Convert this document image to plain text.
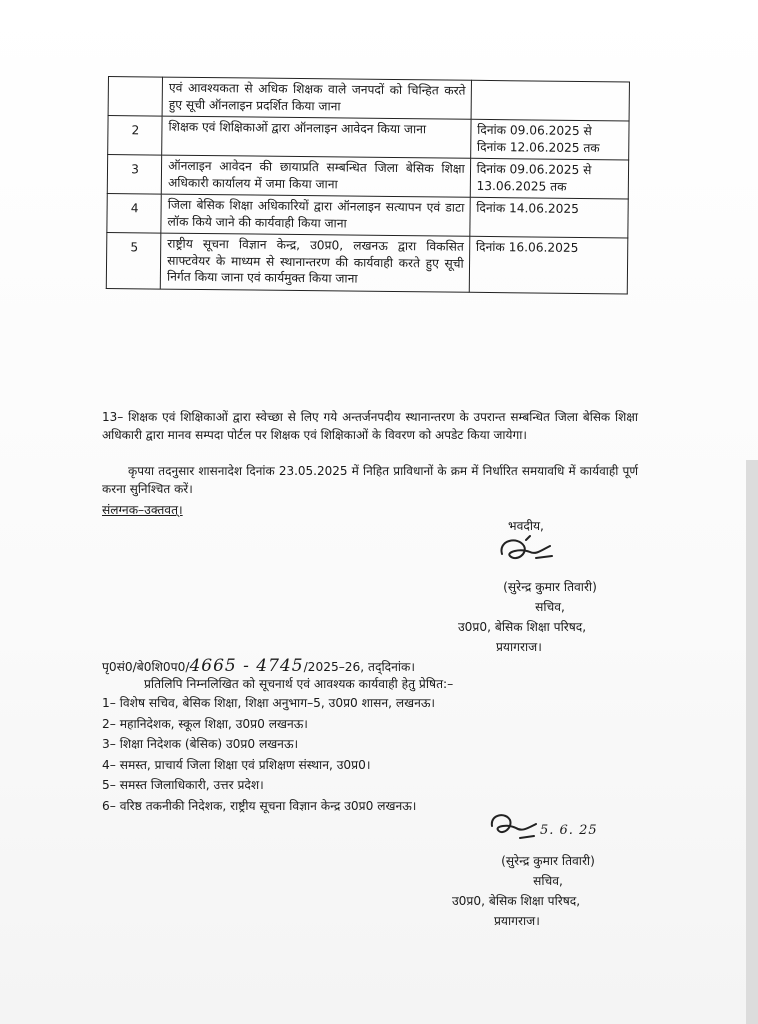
	एवं आवश्यकता से अधिक शिक्षक वाले जनपदों को चिन्हित करते हुए सूची ऑनलाइन प्रदर्शित किया जाना	
2	शिक्षक एवं शिक्षिकाओं द्वारा ऑनलाइन आवेदन किया जाना	दिनांक 09.06.2025 से दिनांक 12.06.2025 तक
3	ऑनलाइन आवेदन की छायाप्रति सम्बन्धित जिला बेसिक शिक्षा अधिकारी कार्यालय में जमा किया जाना	दिनांक 09.06.2025 से 13.06.2025 तक
4	जिला बेसिक शिक्षा अधिकारियों द्वारा ऑनलाइन सत्यापन एवं डाटा लॉक किये जाने की कार्यवाही किया जाना	दिनांक 14.06.2025
5	राष्ट्रीय सूचना विज्ञान केन्द्र, उ0प्र0, लखनऊ द्वारा विकसित साफ्टवेयर के माध्यम से स्थानान्तरण की कार्यवाही करते हुए सूची निर्गत किया जाना एवं कार्यमुक्त किया जाना	दिनांक 16.06.2025
13– शिक्षक एवं शिक्षिकाओं द्वारा स्वेच्छा से लिए गये अन्तर्जनपदीय स्थानान्तरण के उपरान्त सम्बन्धित जिला बेसिक शिक्षा अधिकारी द्वारा मानव सम्पदा पोर्टल पर शिक्षक एवं शिक्षिकाओं के विवरण को अपडेट किया जायेगा।
कृपया तदनुसार शासनादेश दिनांक 23.05.2025 में निहित प्राविधानों के क्रम में निर्धारित समयावधि में कार्यवाही पूर्ण करना सुनिश्चित करें।
संलग्नक–उक्तवत्।
भवदीय,
(सुरेन्द्र कुमार तिवारी)
सचिव,
उ0प्र0, बेसिक शिक्षा परिषद,
प्रयागराज।
पृ0सं0/बे0शि0प0/4665 - 4745/2025–26, तद्‌दिनांक।
प्रतिलिपि निम्नलिखित को सूचनार्थ एवं आवश्यक कार्यवाही हेतु प्रेषित:–
1– विशेष सचिव, बेसिक शिक्षा, शिक्षा अनुभाग–5, उ0प्र0 शासन, लखनऊ।
2– महानिदेशक, स्कूल शिक्षा, उ0प्र0 लखनऊ।
3– शिक्षा निदेशक (बेसिक) उ0प्र0 लखनऊ।
4– समस्त, प्राचार्य जिला शिक्षा एवं प्रशिक्षण संस्थान, उ0प्र0।
5– समस्त जिलाधिकारी, उत्तर प्रदेश।
6– वरिष्ठ तकनीकी निदेशक, राष्ट्रीय सूचना विज्ञान केन्द्र उ0प्र0 लखनऊ।
5. 6. 25
(सुरेन्द्र कुमार तिवारी)
सचिव,
उ0प्र0, बेसिक शिक्षा परिषद,
प्रयागराज।
